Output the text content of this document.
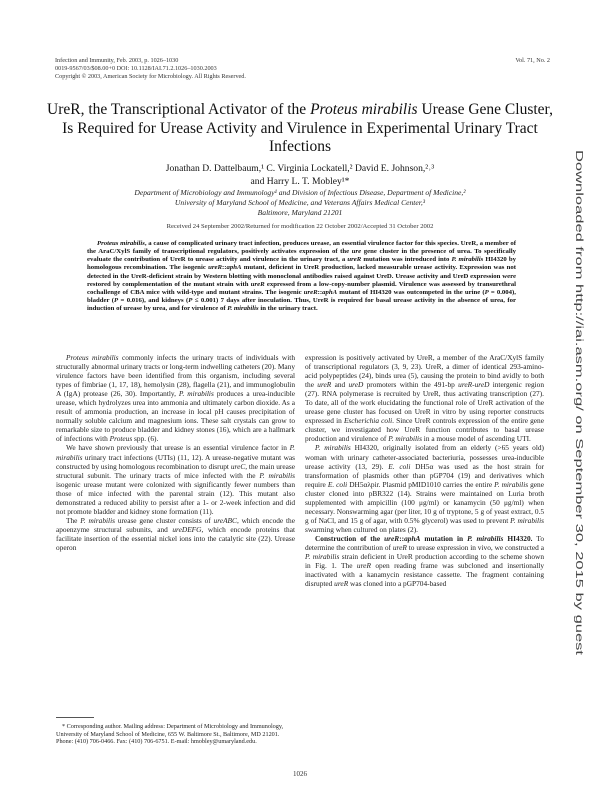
Infection and Immunity, Feb. 2003, p. 1026–1030
0019-9567/03/$08.00+0 DOI: 10.1128/IAI.71.2.1026–1030.2003
Copyright © 2003, American Society for Microbiology. All Rights Reserved.
Vol. 71, No. 2
UreR, the Transcriptional Activator of the Proteus mirabilis Urease Gene Cluster, Is Required for Urease Activity and Virulence in Experimental Urinary Tract Infections
Jonathan D. Dattelbaum,¹ C. Virginia Lockatell,² David E. Johnson,²˒³
and Harry L. T. Mobley¹*
Department of Microbiology and Immunology¹ and Division of Infectious Disease, Department of Medicine,²
University of Maryland School of Medicine, and Veterans Affairs Medical Center,³
Baltimore, Maryland 21201
Received 24 September 2002/Returned for modification 22 October 2002/Accepted 31 October 2002
Proteus mirabilis, a cause of complicated urinary tract infection, produces urease, an essential virulence factor for this species. UreR, a member of the AraC/XylS family of transcriptional regulators, positively activates expression of the ure gene cluster in the presence of urea. To specifically evaluate the contribution of UreR to urease activity and virulence in the urinary tract, a ureR mutation was introduced into P. mirabilis HI4320 by homologous recombination. The isogenic ureR::aphA mutant, deficient in UreR production, lacked measurable urease activity. Expression was not detected in the UreR-deficient strain by Western blotting with monoclonal antibodies raised against UreD. Urease activity and UreD expression were restored by complementation of the mutant strain with ureR expressed from a low-copy-number plasmid. Virulence was assessed by transurethral cochallenge of CBA mice with wild-type and mutant strains. The isogenic ureR::aphA mutant of HI4320 was outcompeted in the urine (P = 0.004), bladder (P = 0.016), and kidneys (P ≤ 0.001) 7 days after inoculation. Thus, UreR is required for basal urease activity in the absence of urea, for induction of urease by urea, and for virulence of P. mirabilis in the urinary tract.

Proteus mirabilis commonly infects the urinary tracts of individuals with structurally abnormal urinary tracts or long-term indwelling catheters (20). Many virulence factors have been identified from this organism, including several types of fimbriae (1, 17, 18), hemolysin (28), flagella (21), and immunoglobulin A (IgA) protease (26, 30). Importantly, P. mirabilis produces a urea-inducible urease, which hydrolyzes urea into ammonia and ultimately carbon dioxide. As a result of ammonia production, an increase in local pH causes precipitation of normally soluble calcium and magnesium ions. These salt crystals can grow to remarkable size to produce bladder and kidney stones (16), which are a hallmark of infections with Proteus spp. (6).

We have shown previously that urease is an essential virulence factor in P. mirabilis urinary tract infections (UTIs) (11, 12). A urease-negative mutant was constructed by using homologous recombination to disrupt ureC, the main urease structural subunit. The urinary tracts of mice infected with the P. mirabilis isogenic urease mutant were colonized with significantly fewer numbers than those of mice infected with the parental strain (12). This mutant also demonstrated a reduced ability to persist after a 1- or 2-week infection and did not promote bladder and kidney stone formation (11).

The P. mirabilis urease gene cluster consists of ureABC, which encode the apoenzyme structural subunits, and ureDEFG, which encode proteins that facilitate insertion of the essential nickel ions into the catalytic site (22). Urease operon

* Corresponding author. Mailing address: Department of Microbiology and Immunology, University of Maryland School of Medicine, 655 W. Baltimore St., Baltimore, MD 21201. Phone: (410) 706-0466. Fax: (410) 706-6751. E-mail: hmobley@umaryland.edu.

expression is positively activated by UreR, a member of the AraC/XylS family of transcriptional regulators (3, 9, 23). UreR, a dimer of identical 293-amino-acid polypeptides (24), binds urea (5), causing the protein to bind avidly to both the ureR and ureD promoters within the 491-bp ureR-ureD intergenic region (27). RNA polymerase is recruited by UreR, thus activating transcription (27). To date, all of the work elucidating the functional role of UreR activation of the urease gene cluster has focused on UreR in vitro by using reporter constructs expressed in Escherichia coli. Since UreR controls expression of the entire gene cluster, we investigated how UreR function contributes to basal urease production and virulence of P. mirabilis in a mouse model of ascending UTI.

P. mirabilis HI4320, originally isolated from an elderly (>65 years old) woman with urinary catheter-associated bacteriuria, possesses urea-inducible urease activity (13, 29). E. coli DH5α was used as the host strain for transformation of plasmids other than pGP704 (19) and derivatives which require E. coli DH5αλpir. Plasmid pMID1010 carries the entire P. mirabilis gene cluster cloned into pBR322 (14). Strains were maintained on Luria broth supplemented with ampicillin (100 μg/ml) or kanamycin (50 μg/ml) when necessary. Nonswarming agar (per liter, 10 g of tryptone, 5 g of yeast extract, 0.5 g of NaCl, and 15 g of agar, with 0.5% glycerol) was used to prevent P. mirabilis swarming when cultured on plates (2).

Construction of the ureR::aphA mutation in P. mirabilis HI4320. To determine the contribution of ureR to urease expression in vivo, we constructed a P. mirabilis strain deficient in UreR production according to the scheme shown in Fig. 1. The ureR open reading frame was subcloned and insertionally inactivated with a kanamycin resistance cassette. The fragment containing disrupted ureR was cloned into a pGP704-based

1026
Downloaded from http://iai.asm.org/ on September 30, 2015 by guest
